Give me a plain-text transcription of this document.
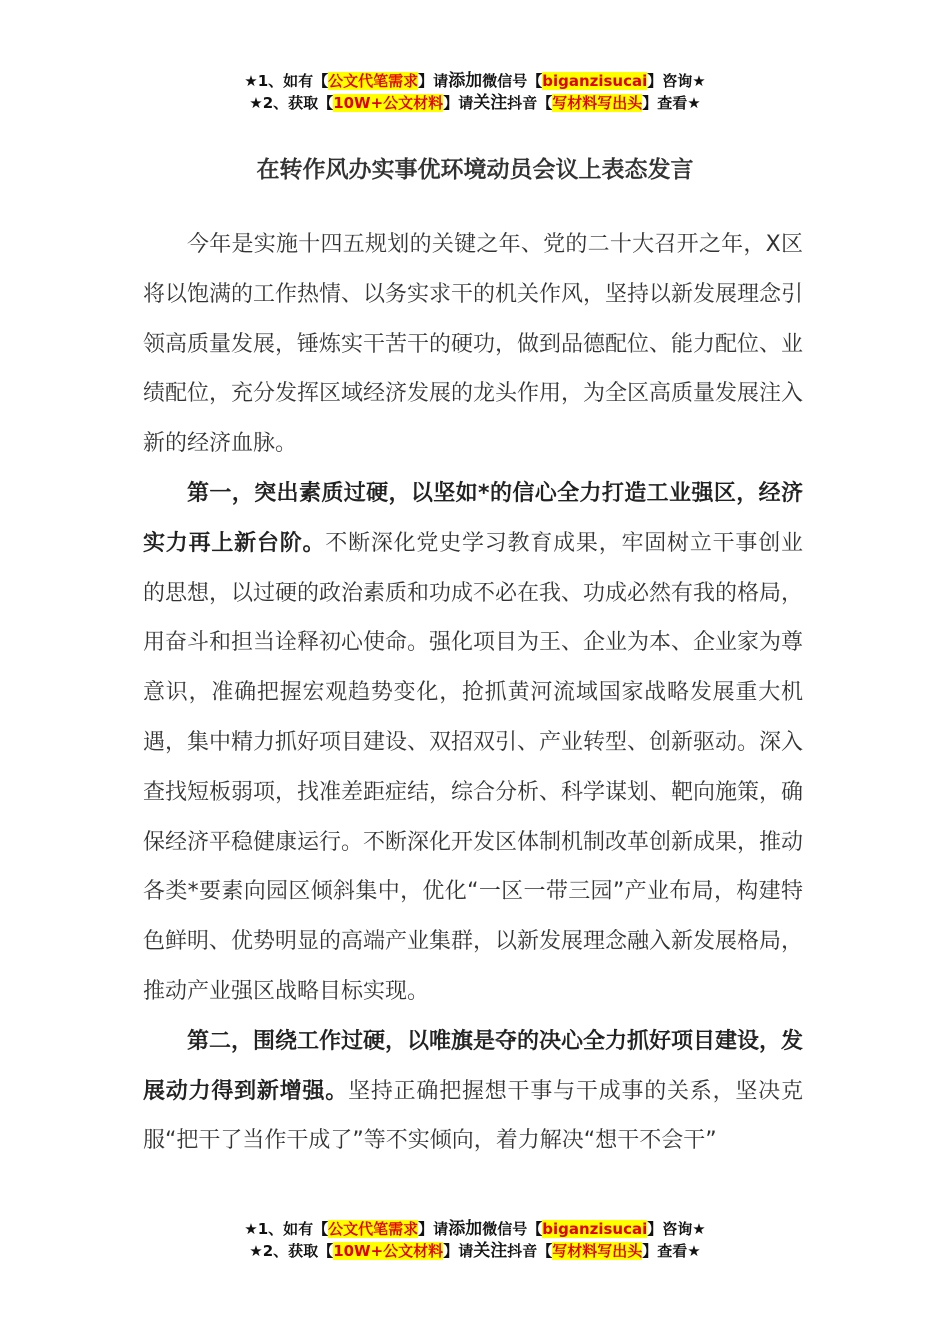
★1、如有【公文代笔需求】请添加微信号【biganzisucai】咨询★
★2、获取【10W+公文材料】请关注抖音【写材料写出头】查看★
在转作风办实事优环境动员会议上表态发言

今年是实施十四五规划的关键之年、党的二十大召开之年，X区将以饱满的工作热情、以务实求干的机关作风，坚持以新发展理念引领高质量发展，锤炼实干苦干的硬功，做到品德配位、能力配位、业绩配位，充分发挥区域经济发展的龙头作用，为全区高质量发展注入新的经济血脉。

第一，突出素质过硬，以坚如*的信心全力打造工业强区，经济实力再上新台阶。不断深化党史学习教育成果，牢固树立干事创业的思想，以过硬的政治素质和功成不必在我、功成必然有我的格局，用奋斗和担当诠释初心使命。强化项目为王、企业为本、企业家为尊意识，准确把握宏观趋势变化，抢抓黄河流域国家战略发展重大机遇，集中精力抓好项目建设、双招双引、产业转型、创新驱动。深入查找短板弱项，找准差距症结，综合分析、科学谋划、靶向施策，确保经济平稳健康运行。不断深化开发区体制机制改革创新成果，推动各类*要素向园区倾斜集中，优化“一区一带三园”产业布局，构建特色鲜明、优势明显的高端产业集群，以新发展理念融入新发展格局，推动产业强区战略目标实现。

第二，围绕工作过硬，以唯旗是夺的决心全力抓好项目建设，发展动力得到新增强。坚持正确把握想干事与干成事的关系，坚决克服“把干了当作干成了”等不实倾向，着力解决“想干不会干”

★1、如有【公文代笔需求】请添加微信号【biganzisucai】咨询★
★2、获取【10W+公文材料】请关注抖音【写材料写出头】查看★
